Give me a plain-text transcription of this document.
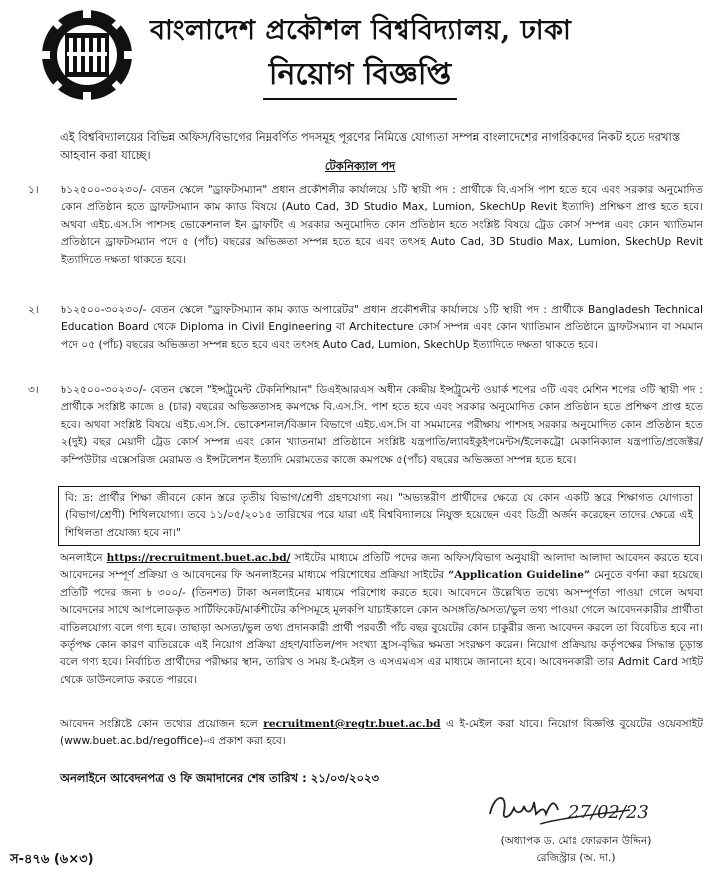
বাংলাদেশ প্রকৌশল বিশ্ববিদ্যালয়, ঢাকা
নিয়োগ বিজ্ঞপ্তি
এই বিশ্ববিদ্যালয়ের বিভিন্ন অফিস/বিভাগের নিম্নবর্ণিত পদসমূহ পূরণের নিমিত্তে যোগ্যতা সম্পন্ন বাংলাদেশের নাগরিকদের নিকট হতে দরখাস্ত আহবান করা যাচ্ছে।
টেকনিক্যাল পদ
১।	৳১২৫০০-৩০২৩০/- বেতন স্কেলে "ড্রাফটসম্যান" প্রধান প্রকৌশলীর কার্যালয়ে ১টি স্থায়ী পদ : প্রার্থীকে বি.এসসি পাশ হতে হবে এবং সরকার অনুমোদিত কোন প্রতিষ্ঠান হতে ড্রাফটসম্যান কাম ক্যাড বিষয়ে (Auto Cad, 3D Studio Max, Lumion, SkechUp Revit ইত্যাদি) প্রশিক্ষণ প্রাপ্ত হতে হবে। অথবা এইচ.এস.সি পাশসহ ভোকেশনাল ইন ড্রাফটিং এ সরকার অনুমোদিত কোন প্রতিষ্ঠান হতে সংশ্লিষ্ট বিষয়ে ট্রেড কোর্স সম্পন্ন এবং কোন খ্যাতিমান প্রতিষ্ঠানে ড্রাফটসম্যান পদে ৫ (পাঁচ) বছরের অভিজ্ঞতা সম্পন্ন হতে হবে এবং তৎসহ Auto Cad, 3D Studio Max, Lumion, SkechUp Revit ইত্যাদিতে দক্ষতা থাকতে হবে।
২।	৳১২৫০০-৩০২৩০/- বেতন স্কেলে "ড্রাফটসম্যান কাম ক্যাড অপারেটর" প্রধান প্রকৌশলীর কার্যালয়ে ১টি স্থায়ী পদ : প্রার্থীকে Bangladesh Technical Education Board থেকে Diploma in Civil Engineering বা Architecture কোর্স সম্পন্ন এবং কোন খ্যাতিমান প্রতিষ্ঠানে ড্রাফটসম্যান বা সমমান পদে ০৫ (পাঁচ) বছরের অভিজ্ঞতা সম্পন্ন হতে হবে এবং তৎসহ Auto Cad, Lumion, SkechUp ইত্যাদিতে দক্ষতা থাকতে হবে।
৩।	৳১২৫০০-৩০২৩০/- বেতন স্কেলে "ইন্সট্রুমেন্ট টেকনিশিয়ান" ডিএইআরএস অধীন কেন্দ্রীয় ইন্সট্রুমেন্ট ওয়ার্ক শপের ৩টি এবং মেশিন শপের ৩টি স্থায়ী পদ : প্রার্থীকে সংশ্লিষ্ট কাজে ৪ (চার) বছরের অভিজ্ঞতাসহ কমপক্ষে বি.এস.সি. পাশ হতে হবে এবং সরকার অনুমোদিত কোন প্রতিষ্ঠান হতে প্রশিক্ষণ প্রাপ্ত হতে হবে। অথবা সংশ্লিষ্ট বিষয়ে এইচ.এস.সি. ভোকেশনাল/বিজ্ঞান বিভাগে এইচ.এস.সি বা সমমানের পরীক্ষায় পাশসহ সরকার অনুমোদিত কোন প্রতিষ্ঠান হতে ২(দুই) বছর মেয়াদী ট্রেড কোর্স সম্পন্ন এবং কোন খ্যাতনামা প্রতিষ্ঠানে সংশ্লিষ্ট যন্ত্রপাতি/ল্যাবইকুইপমেন্টস/ইলেকট্রো মেকানিক্যাল যন্ত্রপাতি/প্রজেক্টর/কম্পিউটার এক্সেসরিজ মেরামত ও ইন্সটলেশন ইত্যাদি মেরামতের কাজে কমপক্ষে ৫(পাঁচ) বছরের অভিজ্ঞতা সম্পন্ন হতে হবে।
বি: দ্র: প্রার্থীর শিক্ষা জীবনে কোন স্তরে তৃতীয় বিভাগ/শ্রেণী গ্রহণযোগ্য নয়। "অভ্যন্তরীণ প্রার্থীদের ক্ষেত্রে যে কোন একটি স্তরে শিক্ষাগত যোগ্যতা (বিভাগ/শ্রেণী) শিথিলযোগ্য। তবে ১১/০৫/২০১৫ তারিখের পরে যারা এই বিশ্ববিদ্যালয়ে নিযুক্ত হয়েছেন এবং ডিগ্রী অর্জন করেছেন তাদের ক্ষেত্রে এই শিথিলতা প্রযোজ্য হবে না।"
অনলাইনে https://recruitment.buet.ac.bd/ সাইটের মাধ্যমে প্রতিটি পদের জন্য অফিস/বিভাগ অনুযায়ী আলাদা আলাদা আবেদন করতে হবে। আবেদনের সম্পূর্ণ প্রক্রিয়া ও আবেদনের ফি অনলাইনের মাধ্যমে পরিশোধের প্রক্রিয়া সাইটের “Application Guideline” মেনুতে বর্ণনা করা হয়েছে। প্রতিটি পদের জন্য ৳ ৩০০/- (তিনশত) টাকা অনলাইনের মাধ্যমে পরিশোধ করতে হবে। আবেদনে উল্লেখিত তথ্যে অসম্পূর্ণতা পাওয়া গেলে অথবা আবেদনের সাথে আপলোডকৃত সার্টিফিকেট/মার্কশীটের কপিসমূহে মূলকপি যাচাইকালে কোন অসঙ্গতি/অসত্য/ভুল তথ্য পাওয়া গেলে আবেদনকারীর প্রার্থীতা বাতিলযোগ্য বলে গণ্য হবে। তাছাড়া অসত্য/ভুল তথ্য প্রদানকারী প্রার্থী পরবর্তী পাঁচ বছর বুয়েটের কোন চাকুরীর জন্য আবেদন করলে তা বিবেচিত হবে না। কর্তৃপক্ষ কোন কারণ ব্যতিরেকে এই নিয়োগ প্রক্রিয়া গ্রহণ/বাতিল/পদ সংখ্যা হ্রাস-বৃদ্ধির ক্ষমতা সংরক্ষণ করেন। নিয়োগ প্রক্রিয়ায় কর্তৃপক্ষের সিদ্ধান্ত চূড়ান্ত বলে গণ্য হবে। নির্বাচিত প্রার্থীদের পরীক্ষার স্থান, তারিখ ও সময় ই-মেইল ও এসএমএস এর মাধ্যমে জানানো হবে। আবেদনকারী তার Admit Card সাইট থেকে ডাউনলোড করতে পারবে।
আবেদন সংশ্লিষ্টে কোন তথ্যের প্রয়োজন হলে recruitment@regtr.buet.ac.bd এ ই-মেইল করা যাবে। নিয়োগ বিজ্ঞপ্তি বুয়েটের ওয়েবসাইট (www.buet.ac.bd/regoffice)-এ প্রকাশ করা হবে।
অনলাইনে আবেদনপত্র ও ফি জমাদানের শেষ তারিখ : ২১/০৩/২০২৩
27/02/23
(অধ্যাপক ড. মোঃ ফোরকান উদ্দিন)
রেজিস্ট্রার (অ. দা.)
স-৪৭৬ (৬×৩)
